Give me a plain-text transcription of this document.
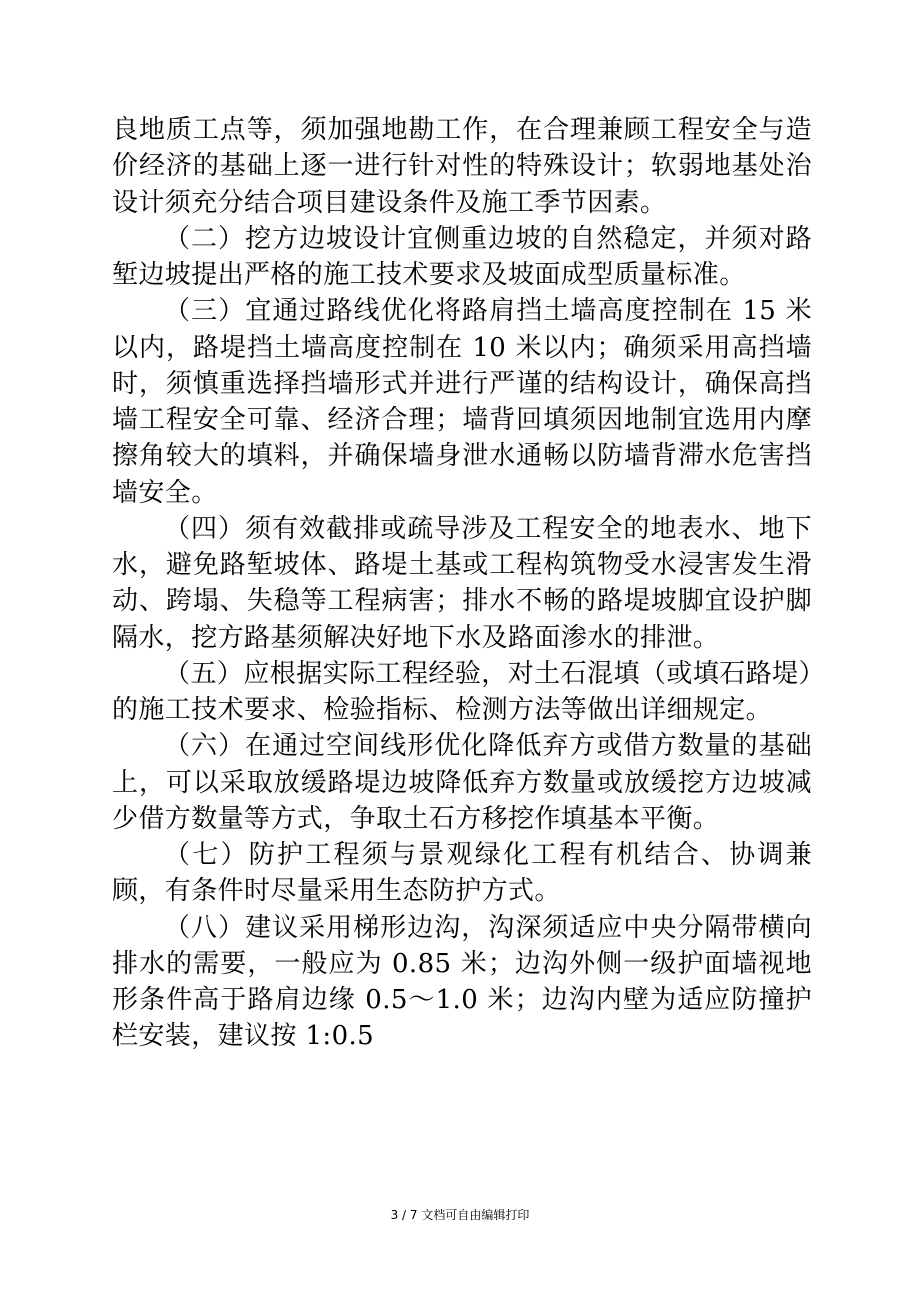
良地质工点等，须加强地勘工作，在合理兼顾工程安全与造价经济的基础上逐一进行针对性的特殊设计；软弱地基处治设计须充分结合项目建设条件及施工季节因素。

（二）挖方边坡设计宜侧重边坡的自然稳定，并须对路堑边坡提出严格的施工技术要求及坡面成型质量标准。

（三）宜通过路线优化将路肩挡土墙高度控制在 15 米以内，路堤挡土墙高度控制在 10 米以内；确须采用高挡墙时，须慎重选择挡墙形式并进行严谨的结构设计，确保高挡墙工程安全可靠、经济合理；墙背回填须因地制宜选用内摩擦角较大的填料，并确保墙身泄水通畅以防墙背滞水危害挡墙安全。

（四）须有效截排或疏导涉及工程安全的地表水、地下水，避免路堑坡体、路堤土基或工程构筑物受水浸害发生滑动、跨塌、失稳等工程病害；排水不畅的路堤坡脚宜设护脚隔水，挖方路基须解决好地下水及路面渗水的排泄。

（五）应根据实际工程经验，对土石混填（或填石路堤）的施工技术要求、检验指标、检测方法等做出详细规定。

（六）在通过空间线形优化降低弃方或借方数量的基础上，可以采取放缓路堤边坡降低弃方数量或放缓挖方边坡减少借方数量等方式，争取土石方移挖作填基本平衡。

（七）防护工程须与景观绿化工程有机结合、协调兼顾，有条件时尽量采用生态防护方式。

（八）建议采用梯形边沟，沟深须适应中央分隔带横向排水的需要，一般应为 0.85 米；边沟外侧一级护面墙视地形条件高于路肩边缘 0.5～1.0 米；边沟内壁为适应防撞护栏安装，建议按 1:0.5

3 / 7 文档可自由编辑打印
